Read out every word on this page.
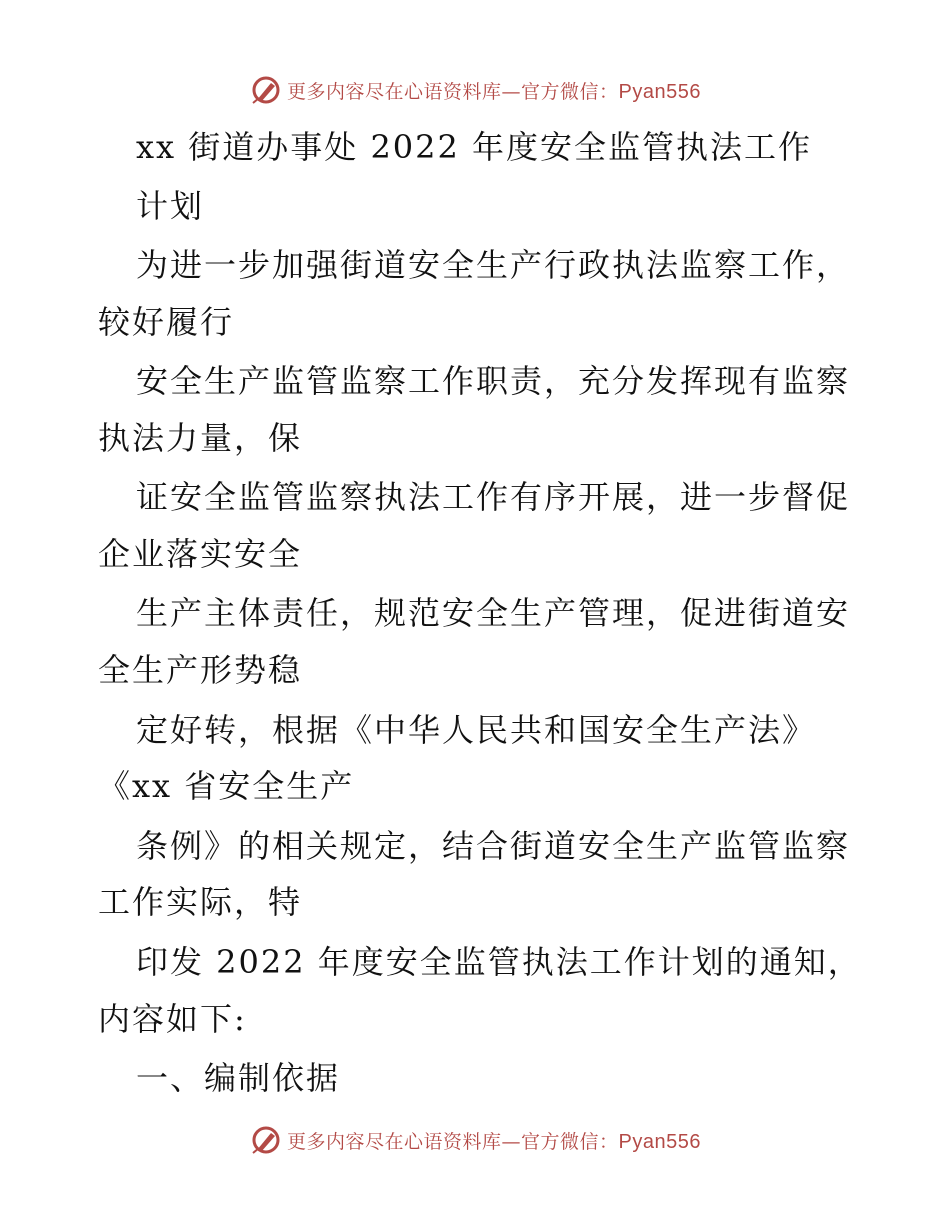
更多内容尽在心语资料库—官方微信：Pyan556
xx 街道办事处 2022 年度安全监管执法工作
计划
为进一步加强街道安全生产行政执法监察工作，
较好履行
安全生产监管监察工作职责，充分发挥现有监察
执法力量，保
证安全监管监察执法工作有序开展，进一步督促
企业落实安全
生产主体责任，规范安全生产管理，促进街道安
全生产形势稳
定好转，根据《中华人民共和国安全生产法》
《xx 省安全生产
条例》的相关规定，结合街道安全生产监管监察
工作实际，特
印发 2022 年度安全监管执法工作计划的通知，
内容如下:
一、编制依据
更多内容尽在心语资料库—官方微信：Pyan556
